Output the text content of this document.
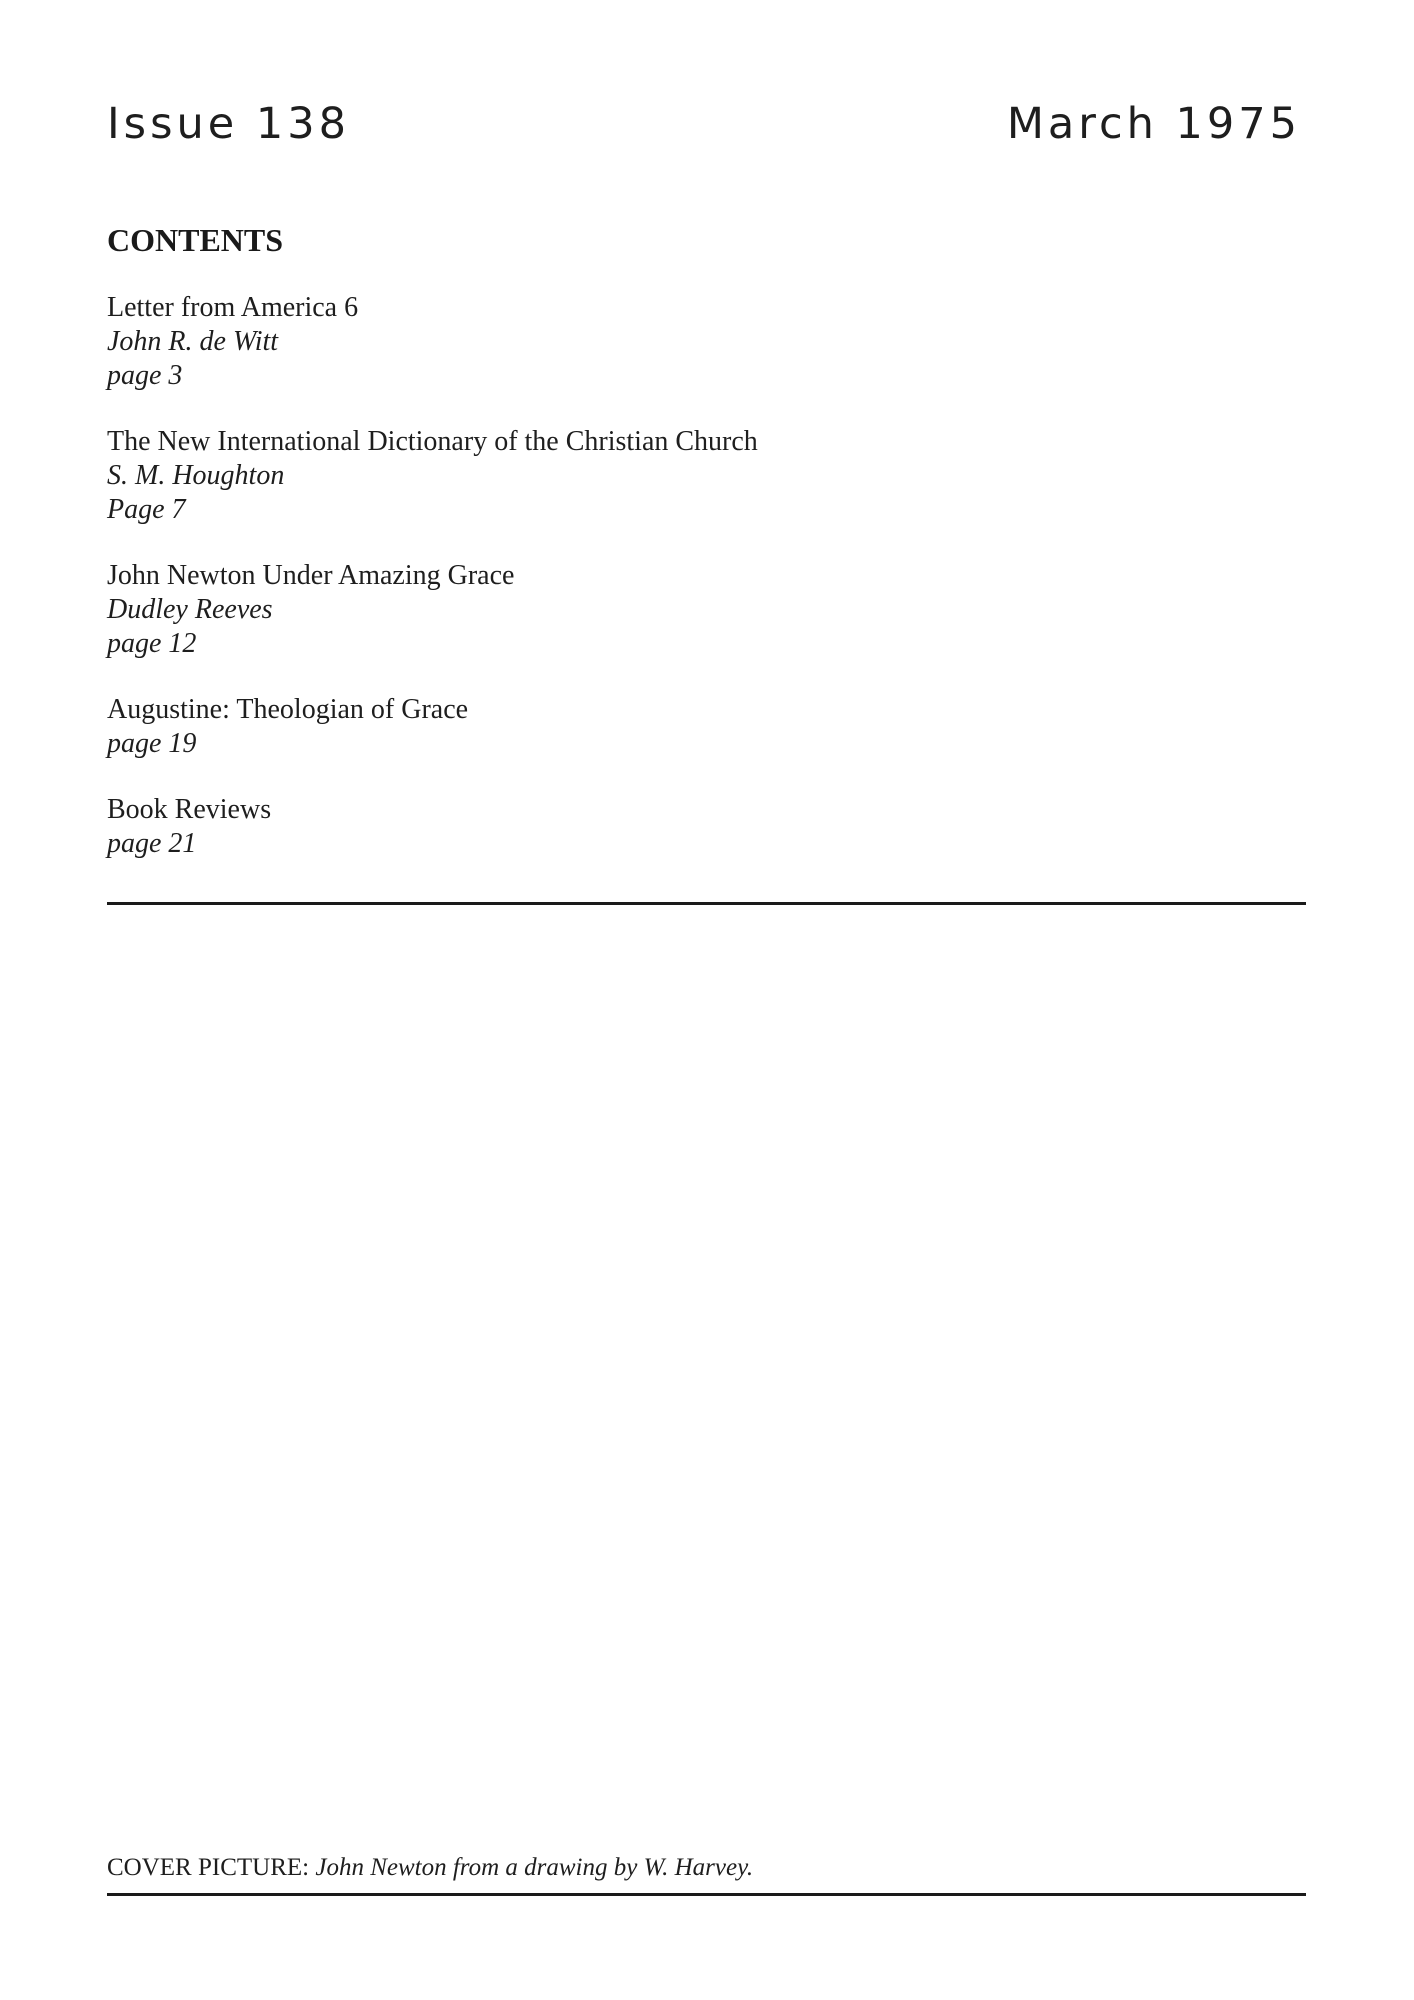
Issue 138	March 1975
CONTENTS
Letter from America 6
John R. de Witt
page 3
The New International Dictionary of the Christian Church
S. M. Houghton
Page 7
John Newton Under Amazing Grace
Dudley Reeves
page 12
Augustine: Theologian of Grace
page 19
Book Reviews
page 21
COVER PICTURE: John Newton from a drawing by W. Harvey.
